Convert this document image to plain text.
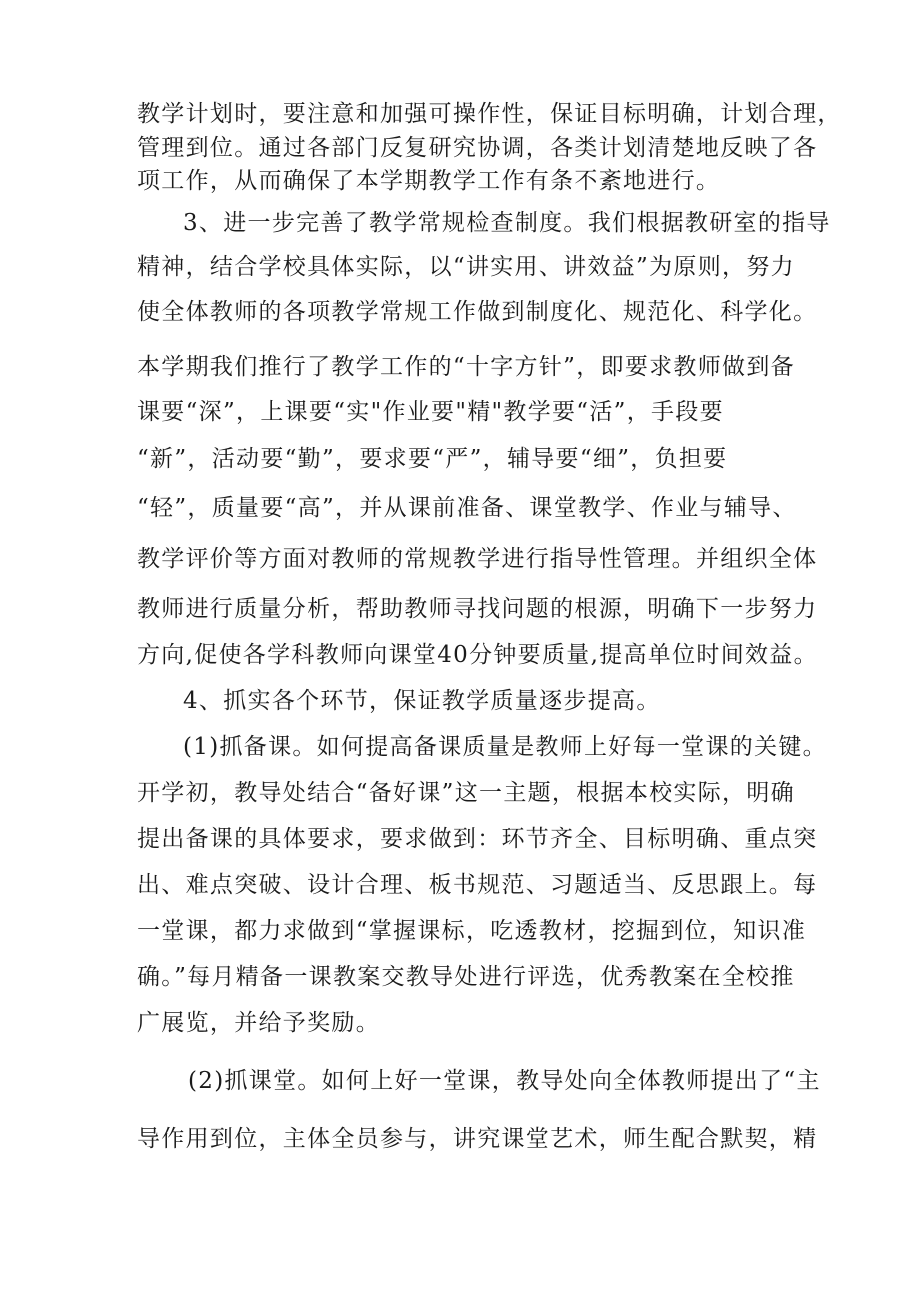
教学计划时，要注意和加强可操作性，保证目标明确，计划合理，
管理到位。通过各部门反复研究协调，各类计划清楚地反映了各
项工作，从而确保了本学期教学工作有条不紊地进行。
3、进一步完善了教学常规检查制度。我们根据教研室的指导
精神，结合学校具体实际，以“讲实用、讲效益”为原则，努力
使全体教师的各项教学常规工作做到制度化、规范化、科学化。
本学期我们推行了教学工作的“十字方针”，即要求教师做到备
课要“深”，上课要“实"作业要"精"教学要“活”，手段要
“新”，活动要“勤”，要求要“严”，辅导要“细”，负担要
“轻”，质量要“高”，并从课前准备、课堂教学、作业与辅导、
教学评价等方面对教师的常规教学进行指导性管理。并组织全体
教师进行质量分析，帮助教师寻找问题的根源，明确下一步努力
方向,促使各学科教师向课堂40分钟要质量,提高单位时间效益。
4、抓实各个环节，保证教学质量逐步提高。
(1)抓备课。如何提高备课质量是教师上好每一堂课的关键。
开学初，教导处结合“备好课”这一主题，根据本校实际，明确
提出备课的具体要求，要求做到：环节齐全、目标明确、重点突
出、难点突破、设计合理、板书规范、习题适当、反思跟上。每
一堂课，都力求做到“掌握课标，吃透教材，挖掘到位，知识准
确。”每月精备一课教案交教导处进行评选，优秀教案在全校推
广展览，并给予奖励。
(2)抓课堂。如何上好一堂课，教导处向全体教师提出了“主
导作用到位，主体全员参与，讲究课堂艺术，师生配合默契，精
